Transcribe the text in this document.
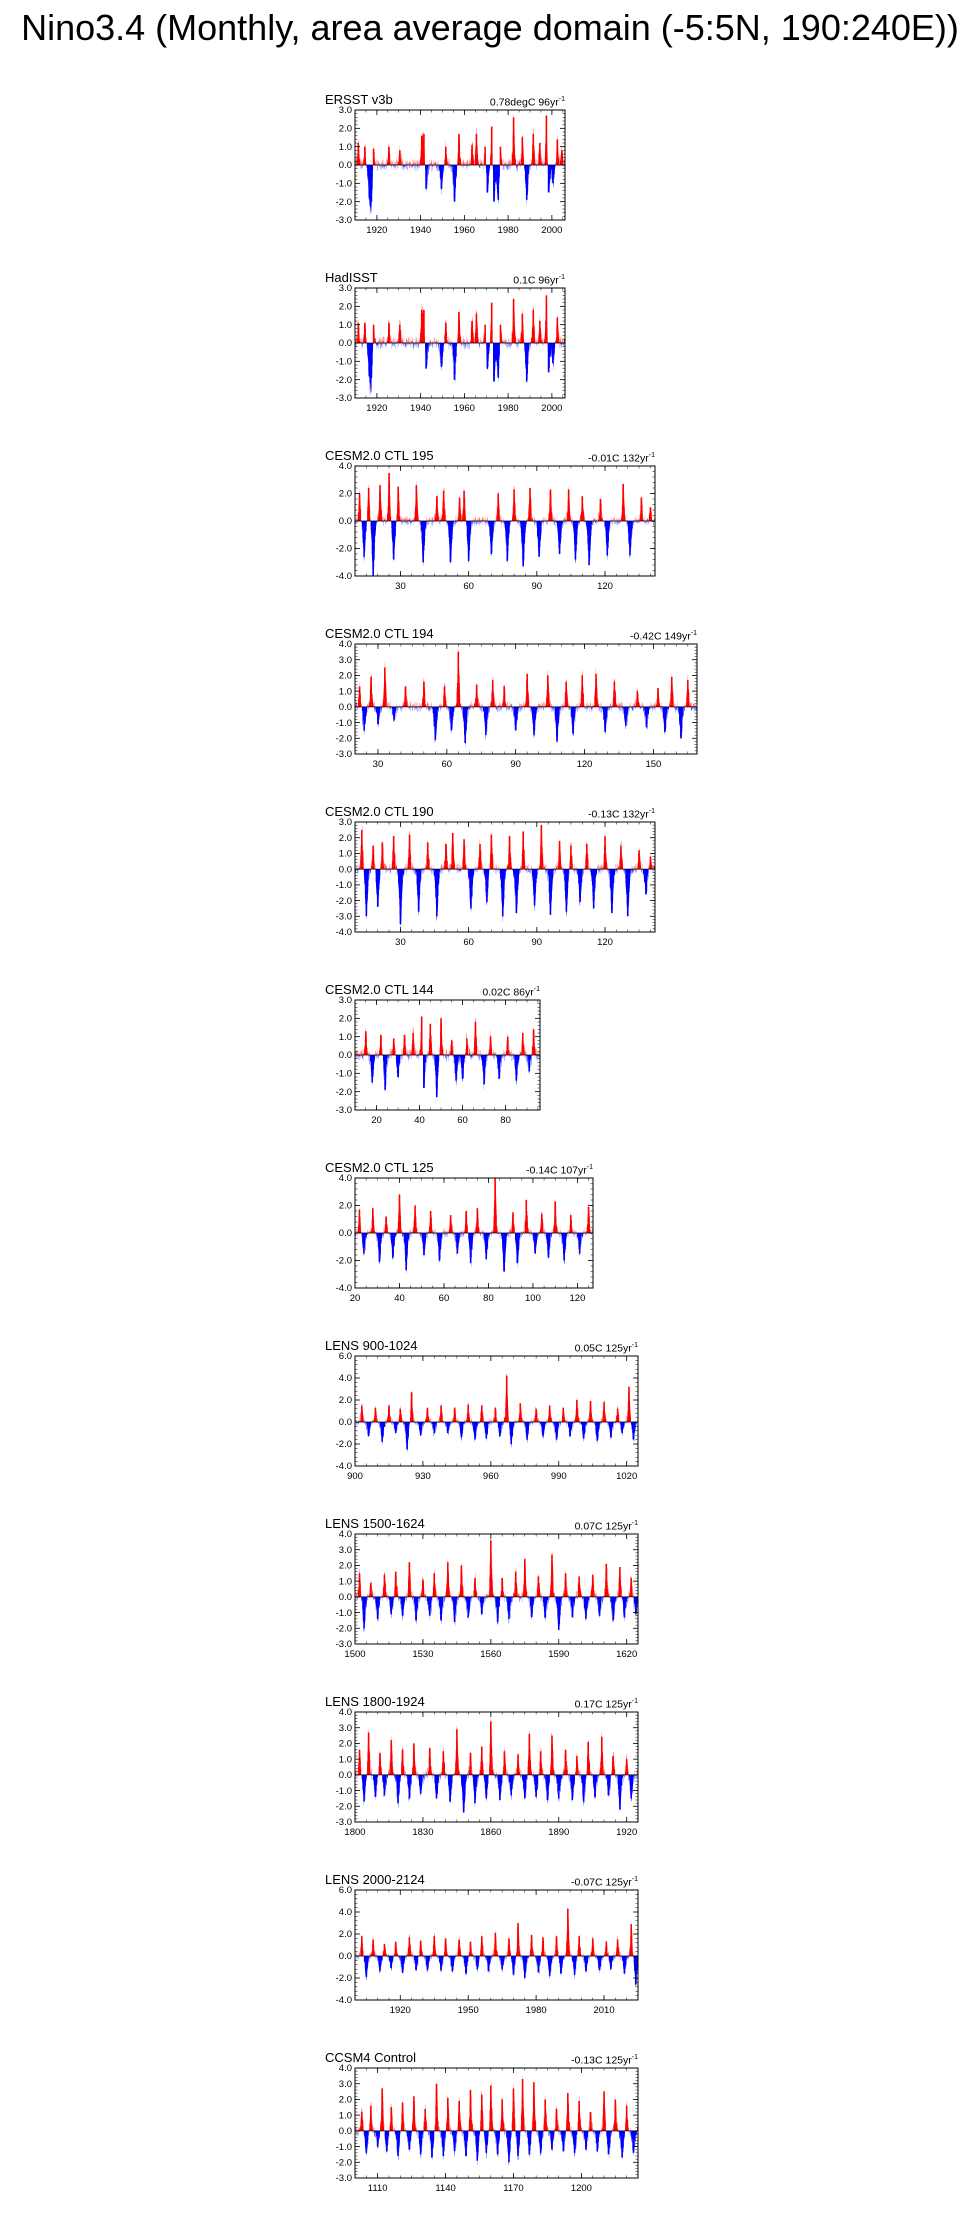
Nino3.4 (Monthly, area average domain (-5:5N, 190:240E))
ERSST v3b	0.78degC $96yr^{-1}$
-3.0
-2.0
-1.0
0.0
1.0
2.0
3.0
1920 1940 1960 1980 2000
HadISST	0.1C $96yr^{-1}$
-3.0
-2.0
-1.0
0.0
1.0
2.0
3.0
1920 1940 1960 1980 2000
CESM2.0 CTL 195	-0.01C $132yr^{-1}$
-4.0
-2.0
0.0
2.0
4.0
30	60	90	120
CESM2.0 CTL 194	-0.42C $149yr^{-1}$
-3.0
-2.0
-1.0
0.0
1.0
2.0
3.0
4.0
30	60	90	120	150
CESM2.0 CTL 190	-0.13C $132yr^{-1}$
-4.0
-3.0
-2.0
-1.0
0.0
1.0
2.0
3.0
30	60	90	120
CESM2.0 CTL 144	0.02C $86yr^{-1}$
-3.0
-2.0
-1.0
0.0
1.0
2.0
3.0
20	40	60	80
CESM2.0 CTL 125	-0.14C $107yr^{-1}$
-4.0
-2.0
0.0
2.0
4.0
20	40	60	80	100	120
LENS 900-1024	0.05C $125yr^{-1}$
-4.0
-2.0
0.0
2.0
4.0
6.0
900	930	960	990	1020
LENS 1500-1624	0.07C $125yr^{-1}$
-3.0
-2.0
-1.0
0.0
1.0
2.0
3.0
4.0
1500	1530	1560	1590	1620
LENS 1800-1924	0.17C $125yr^{-1}$
-3.0
-2.0
-1.0
0.0
1.0
2.0
3.0
4.0
1800	1830	1860	1890	1920
LENS 2000-2124	-0.07C $125yr^{-1}$
-4.0
-2.0
0.0
2.0
4.0
6.0
1920	1950	1980	2010
CCSM4 Control	-0.13C $125yr^{-1}$
-3.0
-2.0
-1.0
0.0
1.0
2.0
3.0
4.0
1110	1140	1170	1200
